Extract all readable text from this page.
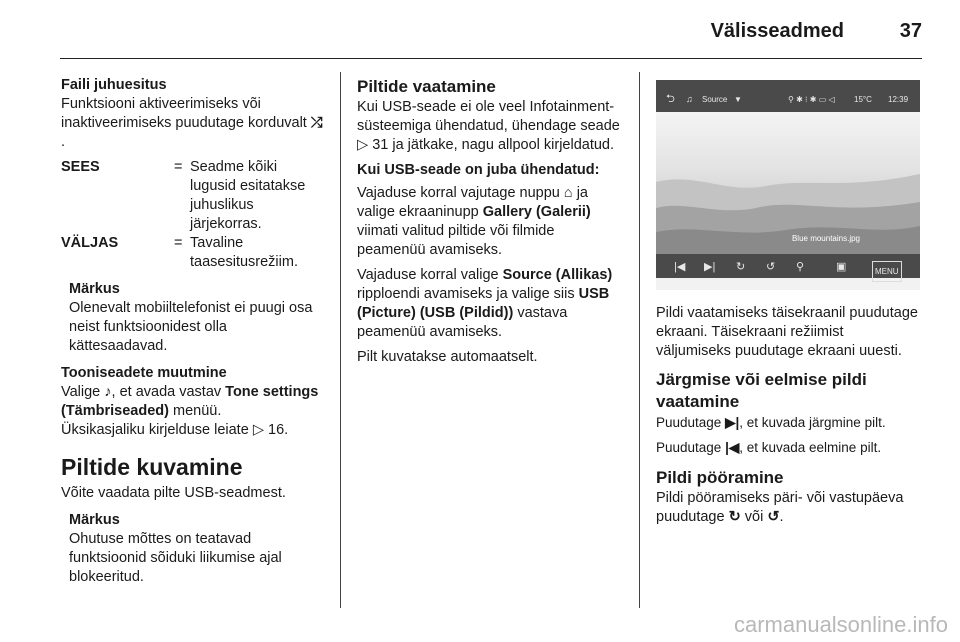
Välisseadmed	37
Faili juhuesitus

Funktsiooni aktiveerimiseks või inaktiveerimiseks puudutage korduvalt ⤮.

SEES	=	Seadme kõiki lugusid esitatakse juhuslikus järjekorras.
VÄLJAS	=	Tavaline taasesitusrežiim.
Märkus
Olenevalt mobiiltelefonist ei puugi osa neist funktsioonidest olla kättesaadavad.
Tooniseadete muutmine

Valige ♪, et avada vastav Tone settings (Tämbriseaded) menüü.
Üksikasjaliku kirjelduse leiate ▷ 16.

Piltide kuvamine

Võite vaadata pilte USB-seadmest.

Märkus
Ohutuse mõttes on teatavad funktsioonid sõiduki liikumise ajal blokeeritud.
Piltide vaatamine

Kui USB-seade ei ole veel Infotainment-süsteemiga ühendatud, ühendage seade ▷ 31 ja jätkake, nagu allpool kirjeldatud.

Kui USB-seade on juba ühendatud:

Vajaduse korral vajutage nuppu ⌂ ja valige ekraaninupp Gallery (Galerii) viimati valitud piltide või filmide peamenüü avamiseks.

Vajaduse korral valige Source (Allikas) ripploendi avamiseks ja valige siis USB (Picture) (USB (Pildid)) vastava peamenüü avamiseks.

Pilt kuvatakse automaatselt.

⮌ ♫ Source ▼	⚲ ✱ ⁝ ✱ ▭ ◁ 15°C 12:39
Blue mountains.jpg
|◀ ▶| ↻ ↺ ⚲	▣	MENU

Pildi vaatamiseks täisekraanil puudutage ekraani. Täisekraani režiimist väljumiseks puudutage ekraani uuesti.

Järgmise või eelmise pildi vaatamine

Puudutage ▶|, et kuvada järgmine pilt.

Puudutage |◀, et kuvada eelmine pilt.

Pildi pööramine

Pildi pööramiseks päri- või vastupäeva puudutage ↻ või ↺.

carmanualsonline.info
